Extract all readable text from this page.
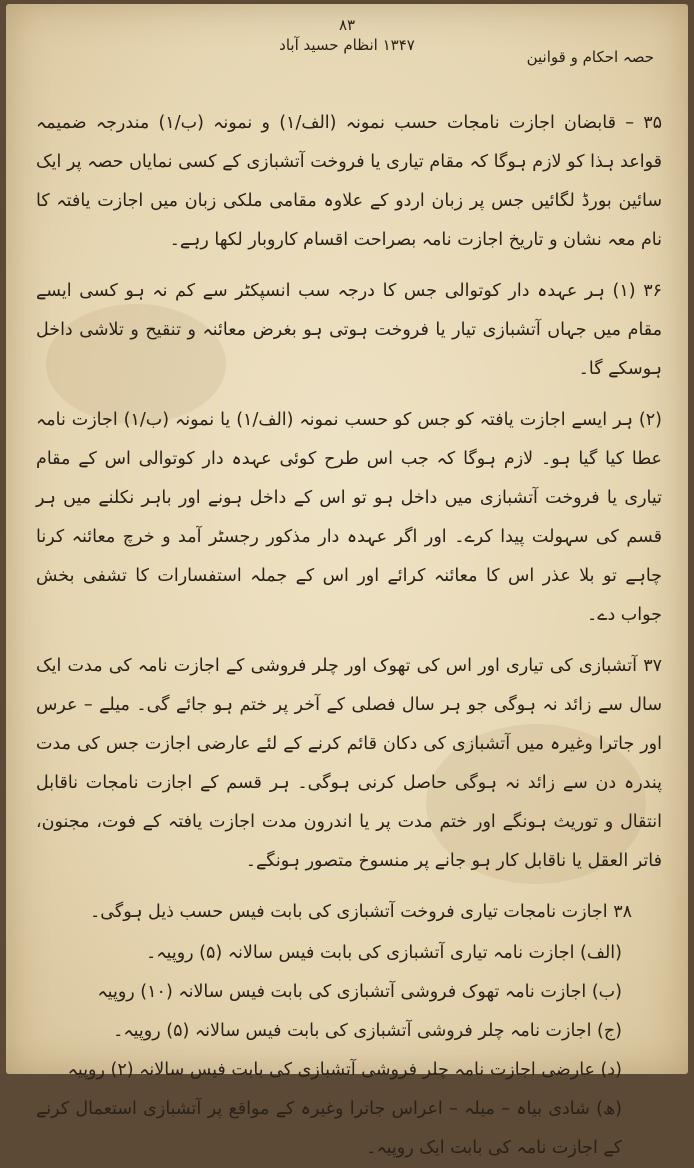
۸۳
۱۳۴۷ انظام حسید آباد
حصہ احکام و قوانین

۳۵ – قابضان اجازت نامجات حسب نمونہ (الف/۱) و نمونہ (ب/۱) مندرجہ ضمیمہ قواعد ہذا کو لازم ہوگا کہ مقام تیاری یا فروخت آتشبازی کے کسی نمایاں حصہ پر ایک سائین بورڈ لگائیں جس پر زبان اردو کے علاوہ مقامی ملکی زبان میں اجازت یافتہ کا نام معہ نشان و تاریخ اجازت نامہ بصراحت اقسام کاروبار لکھا رہے۔

۳۶ (۱) ہر عہدہ دار کوتوالی جس کا درجہ سب انسپکٹر سے کم نہ ہو کسی ایسے مقام میں جہاں آتشبازی تیار یا فروخت ہوتی ہو بغرض معائنہ و تنقیح و تلاشی داخل ہوسکے گا۔

(۲) ہر ایسے اجازت یافتہ کو جس کو حسب نمونہ (الف/۱) یا نمونہ (ب/۱) اجازت نامہ عطا کیا گیا ہو۔ لازم ہوگا کہ جب اس طرح کوئی عہدہ دار کوتوالی اس کے مقام تیاری یا فروخت آتشبازی میں داخل ہو تو اس کے داخل ہونے اور باہر نکلنے میں ہر قسم کی سہولت پیدا کرے۔ اور اگر عہدہ دار مذکور رجسٹر آمد و خرچ معائنہ کرنا چاہے تو بلا عذر اس کا معائنہ کرائے اور اس کے جملہ استفسارات کا تشفی بخش جواب دے۔

۳۷ آتشبازی کی تیاری اور اس کی تھوک اور چلر فروشی کے اجازت نامہ کی مدت ایک سال سے زائد نہ ہوگی جو ہر سال فصلی کے آخر پر ختم ہو جائے گی۔ میلے – عرس اور جاترا وغیرہ میں آتشبازی کی دکان قائم کرنے کے لئے عارضی اجازت جس کی مدت پندرہ دن سے زائد نہ ہوگی حاصل کرنی ہوگی۔ ہر قسم کے اجازت نامجات ناقابل انتقال و توریث ہونگے اور ختم مدت پر یا اندرون مدت اجازت یافتہ کے فوت، مجنون، فاتر العقل یا ناقابل کار ہو جانے پر منسوخ متصور ہونگے۔

۳۸ اجازت نامجات تیاری فروخت آتشبازی کی بابت فیس حسب ذیل ہوگی۔

(الف) اجازت نامہ تیاری آتشبازی کی بابت فیس سالانہ (۵) روپیہ۔
(ب) اجازت نامہ تھوک فروشی آتشبازی کی بابت فیس سالانہ (۱۰) روپیہ
(ج) اجازت نامہ چلر فروشی آتشبازی کی بابت فیس سالانہ (۵) روپیہ۔
(د) عارضی اجازت نامہ چلر فروشی آتشبازی کی بابت فیس سالانہ (۲) روپیہ
(ھ) شادی بیاہ – میلہ – اعراس جاترا وغیرہ کے مواقع پر آتشبازی استعمال کرنے کے اجازت نامہ کی بابت ایک روپیہ۔
